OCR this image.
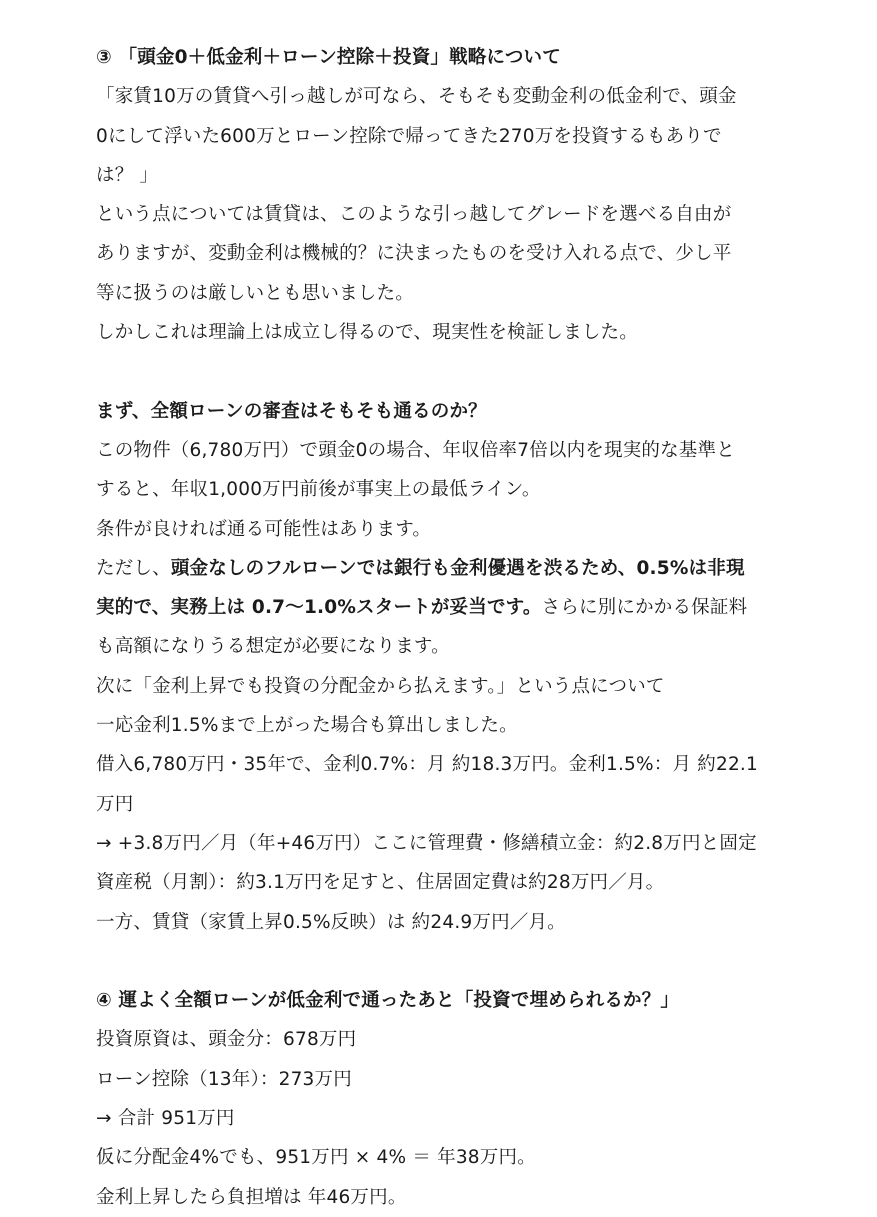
③ 「頭金0＋低金利＋ローン控除＋投資」戦略について
「家賃10万の賃貸へ引っ越しが可なら、そもそも変動金利の低金利で、頭金
0にして浮いた600万とローン控除で帰ってきた270万を投資するもありで
は？ 」
という点については賃貸は、このような引っ越してグレードを選べる自由が
ありますが、変動金利は機械的？に決まったものを受け入れる点で、少し平
等に扱うのは厳しいとも思いました。
しかしこれは理論上は成立し得るので、現実性を検証しました。
まず、全額ローンの審査はそもそも通るのか？
この物件（6,780万円）で頭金0の場合、年収倍率7倍以内を現実的な基準と
すると、年収1,000万円前後が事実上の最低ライン。
条件が良ければ通る可能性はあります。
ただし、頭金なしのフルローンでは銀行も金利優遇を渋るため、0.5%は非現
実的で、実務上は 0.7〜1.0%スタートが妥当です。さらに別にかかる保証料
も高額になりうる想定が必要になります。
次に「金利上昇でも投資の分配金から払えます。」という点について
一応金利1.5%まで上がった場合も算出しました。
借入6,780万円・35年で、金利0.7%：月 約18.3万円。金利1.5%：月 約22.1
万円
→ +3.8万円／月（年+46万円）ここに管理費・修繕積立金：約2.8万円と固定
資産税（月割）：約3.1万円を足すと、住居固定費は約28万円／月。
一方、賃貸（家賃上昇0.5%反映）は 約24.9万円／月。
④ 運よく全額ローンが低金利で通ったあと「投資で埋められるか？」
投資原資は、頭金分：678万円
ローン控除（13年）：273万円
→ 合計 951万円
仮に分配金4%でも、951万円 × 4% ＝ 年38万円。
金利上昇したら負担増は 年46万円。
